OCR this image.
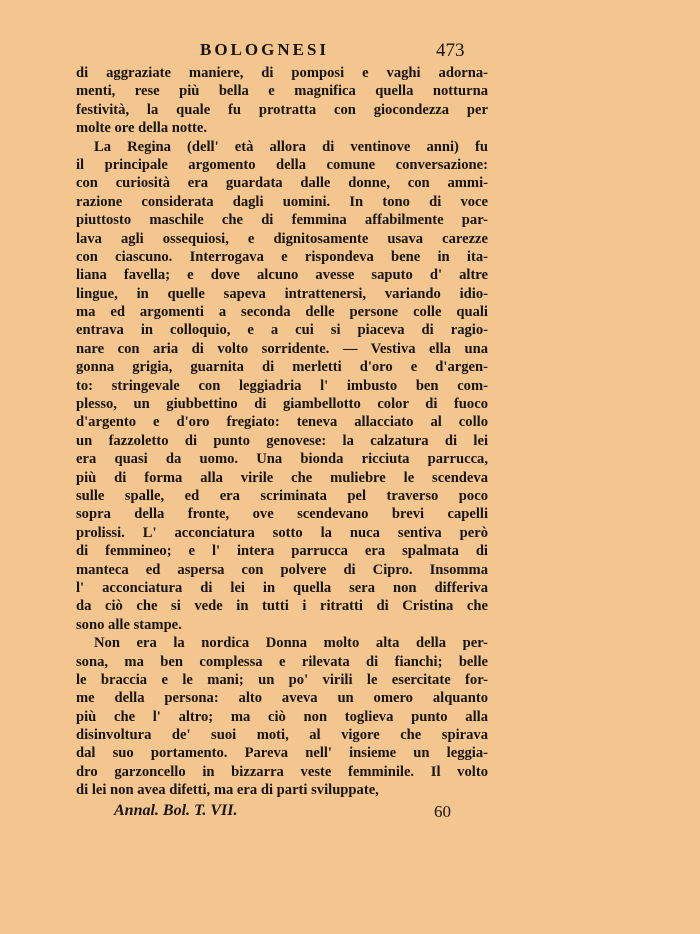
BOLOGNESI	473
di aggraziate maniere, di pomposi e vaghi adorna-
menti, rese più bella e magnifica quella notturna
festività, la quale fu protratta con giocondezza per
molte ore della notte.
La Regina (dell' età allora di ventinove anni) fu
il principale argomento della comune conversazione:
con curiosità era guardata dalle donne, con ammi-
razione considerata dagli uomini. In tono di voce
piuttosto maschile che di femmina affabilmente par-
lava agli ossequiosi, e dignitosamente usava carezze
con ciascuno. Interrogava e rispondeva bene in ita-
liana favella; e dove alcuno avesse saputo d' altre
lingue, in quelle sapeva intrattenersi, variando idio-
ma ed argomenti a seconda delle persone colle quali
entrava in colloquio, e a cui si piaceva di ragio-
nare con aria di volto sorridente. — Vestiva ella una
gonna grigia, guarnita di merletti d'oro e d'argen-
to: stringevale con leggiadria l' imbusto ben com-
plesso, un giubbettino di giambellotto color di fuoco
d'argento e d'oro fregiato: teneva allacciato al collo
un fazzoletto di punto genovese: la calzatura di lei
era quasi da uomo. Una bionda ricciuta parrucca,
più di forma alla virile che muliebre le scendeva
sulle spalle, ed era scriminata pel traverso poco
sopra della fronte, ove scendevano brevi capelli
prolissi. L' acconciatura sotto la nuca sentiva però
di femmineo; e l' intera parrucca era spalmata di
manteca ed aspersa con polvere di Cipro. Insomma
l' acconciatura di lei in quella sera non differiva
da ciò che si vede in tutti i ritratti di Cristina che
sono alle stampe.
Non era la nordica Donna molto alta della per-
sona, ma ben complessa e rilevata di fianchi; belle
le braccia e le mani; un po' virili le esercitate for-
me della persona: alto aveva un omero alquanto
più che l' altro; ma ciò non toglieva punto alla
disinvoltura de' suoi moti, al vigore che spirava
dal suo portamento. Pareva nell' insieme un leggia-
dro garzoncello in bizzarra veste femminile. Il volto
di lei non avea difetti, ma era di parti sviluppate,
Annal. Bol. T. VII.	60
